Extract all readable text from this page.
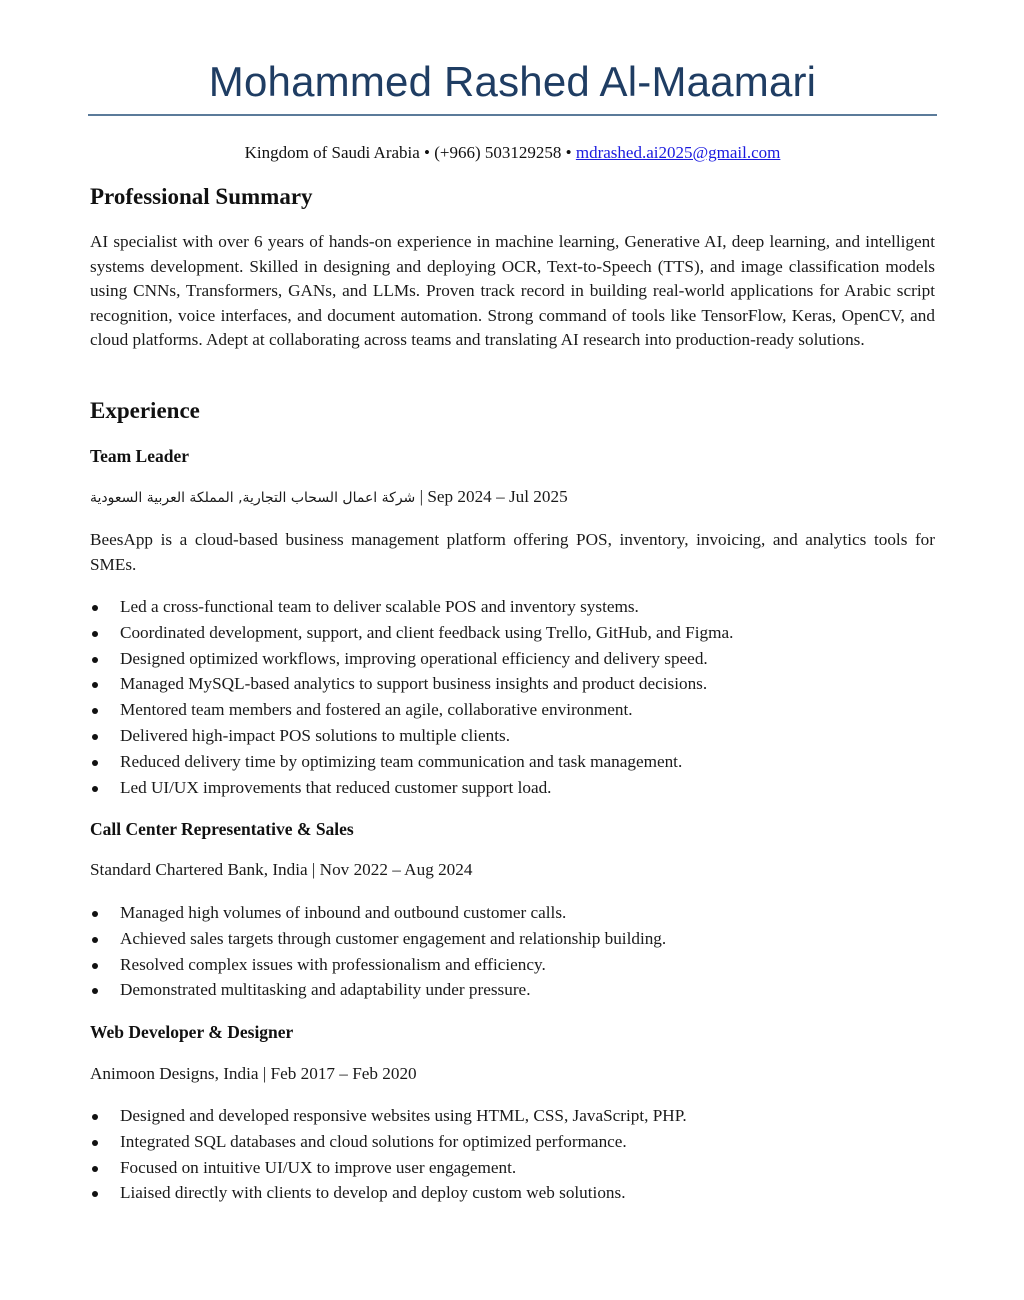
Mohammed Rashed Al-Maamari
Kingdom of Saudi Arabia • (+966) 503129258 • mdrashed.ai2025@gmail.com
Professional Summary
AI specialist with over 6 years of hands-on experience in machine learning, Generative AI, deep learning, and intelligent systems development. Skilled in designing and deploying OCR, Text-to-Speech (TTS), and image classification models using CNNs, Transformers, GANs, and LLMs. Proven track record in building real-world applications for Arabic script recognition, voice interfaces, and document automation. Strong command of tools like TensorFlow, Keras, OpenCV, and cloud platforms. Adept at collaborating across teams and translating AI research into production-ready solutions.
Experience
Team Leader
شركة اعمال السحاب التجارية, المملكة العربية السعودية | Sep 2024 – Jul 2025
BeesApp is a cloud-based business management platform offering POS, inventory, invoicing, and analytics tools for SMEs.
Led a cross-functional team to deliver scalable POS and inventory systems.
Coordinated development, support, and client feedback using Trello, GitHub, and Figma.
Designed optimized workflows, improving operational efficiency and delivery speed.
Managed MySQL-based analytics to support business insights and product decisions.
Mentored team members and fostered an agile, collaborative environment.
Delivered high-impact POS solutions to multiple clients.
Reduced delivery time by optimizing team communication and task management.
Led UI/UX improvements that reduced customer support load.
Call Center Representative & Sales
Standard Chartered Bank, India | Nov 2022 – Aug 2024
Managed high volumes of inbound and outbound customer calls.
Achieved sales targets through customer engagement and relationship building.
Resolved complex issues with professionalism and efficiency.
Demonstrated multitasking and adaptability under pressure.
Web Developer & Designer
Animoon Designs, India | Feb 2017 – Feb 2020
Designed and developed responsive websites using HTML, CSS, JavaScript, PHP.
Integrated SQL databases and cloud solutions for optimized performance.
Focused on intuitive UI/UX to improve user engagement.
Liaised directly with clients to develop and deploy custom web solutions.
